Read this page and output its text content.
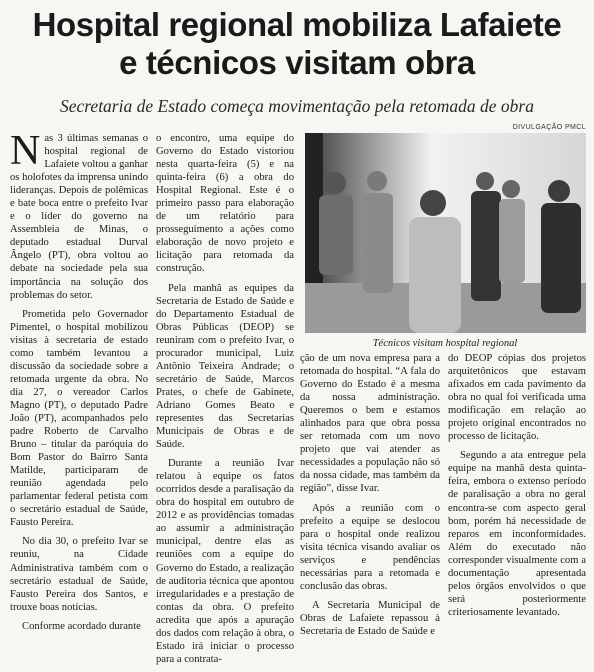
Hospital regional mobiliza Lafaiete
e técnicos visitam obra
Secretaria de Estado começa movimentação pela retomada de obra

Nas 3 últimas semanas o hospital regional de Lafaiete voltou a ganhar os holofotes da imprensa unindo lideranças. Depois de polêmicas e bate boca entre o prefeito Ivar e o líder do governo na Assembleia de Minas, o deputado estadual Durval Ângelo (PT), obra voltou ao debate na sociedade pela sua importância na solução dos problemas do setor.

Prometida pelo Governador Pimentel, o hospital mobilizou visitas à secretaria de estado como também levantou a discussão da sociedade sobre a retomada urgente da obra. No dia 27, o vereador Carlos Magno (PT), o deputado Padre João (PT), acompanhados pelo padre Roberto de Carvalho Bruno – titular da paróquia do Bom Pastor do Bairro Santa Matilde, participaram de reunião agendada pelo parlamentar federal petista com o secretário estadual de Saúde, Fausto Pereira.

No dia 30, o prefeito Ivar se reuniu, na Cidade Administrativa também com o secretário estadual de Saúde, Fausto Pereira dos Santos, e trouxe boas notícias.

Conforme acordado durante

o encontro, uma equipe do Governo do Estado vistoriou nesta quarta-feira (5) e na quinta-feira (6) a obra do Hospital Regional. Este é o primeiro passo para elaboração de um relatório para prosseguimento a ações como elaboração de novo projeto e licitação para retomada da construção.

Pela manhã as equipes da Secretaria de Estado de Saúde e do Departamento Estadual de Obras Públicas (DEOP) se reuniram com o prefeito Ivar, o procurador municipal, Luiz Antônio Teixeira Andrade; o secretário de Saúde, Marcos Prates, o chefe de Gabinete, Adriano Gomes Beato e representes das Secretarias Municipais de Obras e de Saúde.

Durante a reunião Ivar relatou à equipe os fatos ocorridos desde a paralisação da obra do hospital em outubro de 2012 e as providências tomadas ao assumir a administração municipal, dentre elas as reuniões com a equipe do Governo do Estado, a realização de auditoria técnica que apontou irregularidades e a prestação de contas da obra. O prefeito acredita que após a apuração dos dados com relação à obra, o Estado irá iniciar o processo para a contrata-

DIVULGAÇÃO PMCL
Técnicos visitam hospital regional

ção de um nova empresa para a retomada do hospital. “A fala do Governo do Estado é a mesma da nossa administração. Queremos o bem e estamos alinhados para que obra possa ser retomada com um novo projeto que vai atender as necessidades a população não só da nossa cidade, mas também da região”, disse Ivar.

Após a reunião com o prefeito a equipe se deslocou para o hospital onde realizou visita técnica visando avaliar os serviços e pendências necessárias para a retomada e conclusão das obras.

A Secretaria Municipal de Obras de Lafaiete repassou à Secretaria de Estado de Saúde e

do DEOP cópias dos projetos arquitetônicos que estavam afixados em cada pavimento da obra no qual foi verificada uma modificação em relação ao projeto original encontrados no processo de licitação.

Segundo a ata entregue pela equipe na manhã desta quinta-feira, embora o extenso período de paralisação a obra no geral encontra-se com aspecto geral bom, porém há necessidade de reparos em inconformidades. Além do executado não corresponder visualmente com a documentação apresentada pelos órgãos envolvidos o que será posteriormente criteriosamente levantado.
